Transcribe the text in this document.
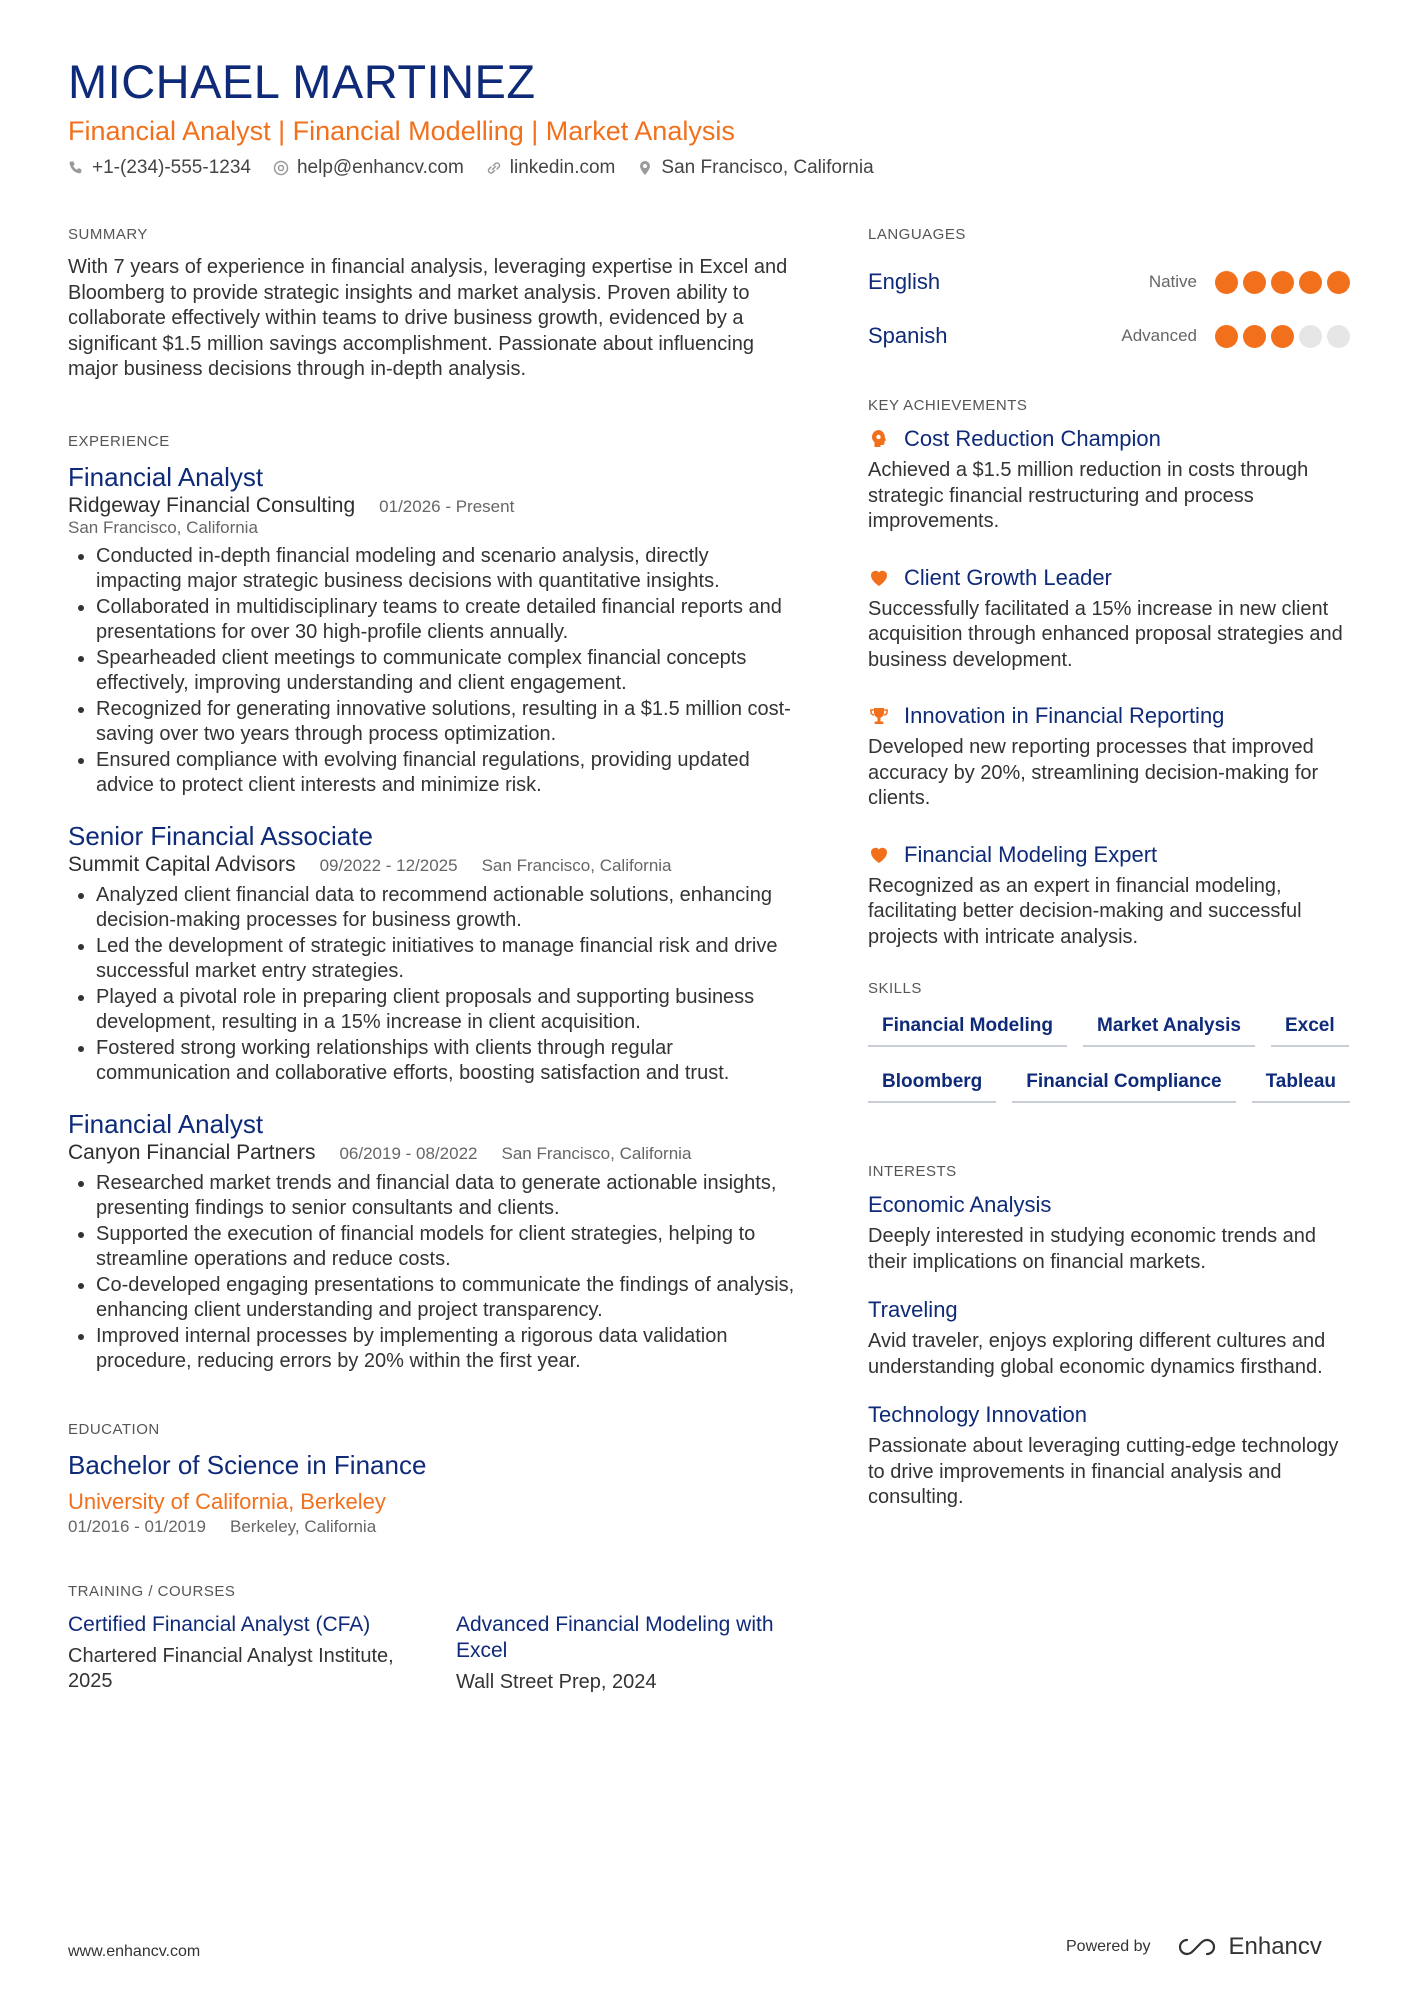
MICHAEL MARTINEZ
Financial Analyst | Financial Modelling | Market Analysis
+1-(234)-555-1234 help@enhancv.com linkedin.com San Francisco, California
SUMMARY
With 7 years of experience in financial analysis, leveraging expertise in Excel and Bloomberg to provide strategic insights and market analysis. Proven ability to collaborate effectively within teams to drive business growth, evidenced by a significant $1.5 million savings accomplishment. Passionate about influencing major business decisions through in-depth analysis.
EXPERIENCE
Financial Analyst
Ridgeway Financial Consulting 01/2026 - Present
San Francisco, California
• Conducted in-depth financial modeling and scenario analysis, directly impacting major strategic business decisions with quantitative insights.
• Collaborated in multidisciplinary teams to create detailed financial reports and presentations for over 30 high-profile clients annually.
• Spearheaded client meetings to communicate complex financial concepts effectively, improving understanding and client engagement.
• Recognized for generating innovative solutions, resulting in a $1.5 million cost-saving over two years through process optimization.
• Ensured compliance with evolving financial regulations, providing updated advice to protect client interests and minimize risk.
Senior Financial Associate
Summit Capital Advisors 09/2022 - 12/2025 San Francisco, California
• Analyzed client financial data to recommend actionable solutions, enhancing decision-making processes for business growth.
• Led the development of strategic initiatives to manage financial risk and drive successful market entry strategies.
• Played a pivotal role in preparing client proposals and supporting business development, resulting in a 15% increase in client acquisition.
• Fostered strong working relationships with clients through regular communication and collaborative efforts, boosting satisfaction and trust.
Financial Analyst
Canyon Financial Partners 06/2019 - 08/2022 San Francisco, California
• Researched market trends and financial data to generate actionable insights, presenting findings to senior consultants and clients.
• Supported the execution of financial models for client strategies, helping to streamline operations and reduce costs.
• Co-developed engaging presentations to communicate the findings of analysis, enhancing client understanding and project transparency.
• Improved internal processes by implementing a rigorous data validation procedure, reducing errors by 20% within the first year.
EDUCATION
Bachelor of Science in Finance
University of California, Berkeley
01/2016 - 01/2019 Berkeley, California
TRAINING / COURSES
Certified Financial Analyst (CFA)
Chartered Financial Analyst Institute, 2025
Advanced Financial Modeling with Excel
Wall Street Prep, 2024
LANGUAGES
English	Native
Spanish	Advanced
KEY ACHIEVEMENTS
Cost Reduction Champion
Achieved a $1.5 million reduction in costs through strategic financial restructuring and process improvements.
Client Growth Leader
Successfully facilitated a 15% increase in new client acquisition through enhanced proposal strategies and business development.
Innovation in Financial Reporting
Developed new reporting processes that improved accuracy by 20%, streamlining decision-making for clients.
Financial Modeling Expert
Recognized as an expert in financial modeling, facilitating better decision-making and successful projects with intricate analysis.
SKILLS
Financial Modeling	Market Analysis	Excel
Bloomberg	Financial Compliance	Tableau
INTERESTS
Economic Analysis
Deeply interested in studying economic trends and their implications on financial markets.
Traveling
Avid traveler, enjoys exploring different cultures and understanding global economic dynamics firsthand.
Technology Innovation
Passionate about leveraging cutting-edge technology to drive improvements in financial analysis and consulting.
www.enhancv.com	Powered by	Enhancv
